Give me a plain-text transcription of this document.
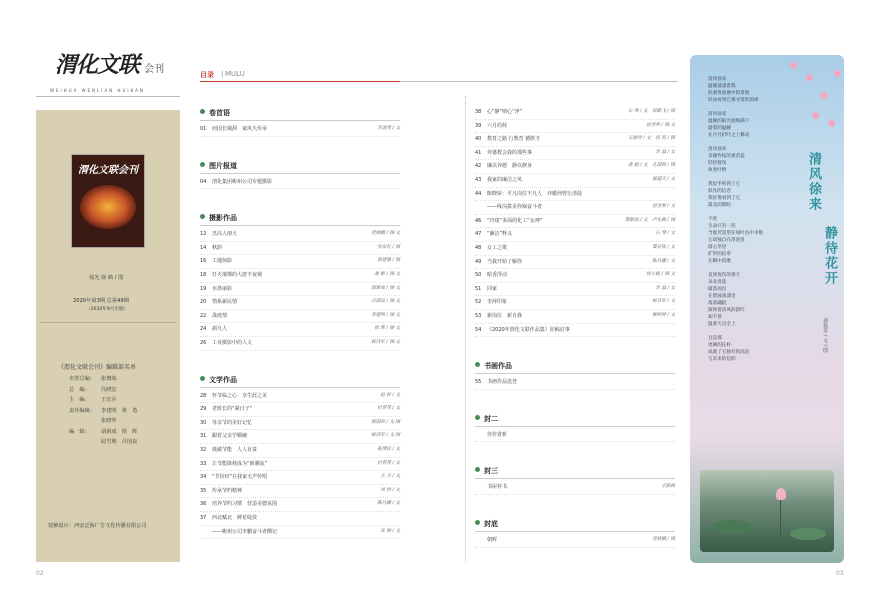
渭化文联 会刊
WEIHUA WENLIAN HUIKAN
渭化文联会刊
弧光 徐 鹤 / 图
2020年第3期 总第49期
（2020年9月出版）
《渭化文联会刊》编辑部名单
名誉总编： 张增战
总　编： 冯晓宏
主　编： 王宏兵
责任编辑： 李建明　黄　勇
张晓华
编　辑： 胡新成　徐　辉
屈雪利　吕国良
装帧设计：西安泛海广告文化传播有限公司
目录 | MULU
卷首语
01 而国长城洞　家风久传承	李清秀 / 文
图片报道
04 渭化集团彬州公司专题摄影
摄影作品
12 烹高人朋大	党晓鹏 / 图·文
14 秋韵	吴东红 / 图
16 工地掠影	郭建强 / 图
18 灯火璀璨的大唐不夜城	胡 彬 / 图·文
19 水墨丽影	郑新成 / 图·文
20 情系新民情	吕国良 / 图·文
22 战疫情	李建明 / 图·文
24 颉凡人	徐 辉 / 图·文
26 工业摄影中的人文	杨诗军 / 图·文
文学作品
28 怀节临之心　享生涯之美	赵 轩 / 文
29 老班长的“紧日子”	付青英 / 文
30 母亲节的美好记忆	郝国莉 / 文·图
31 跟着父亲学顺碗	杨诗军 / 文·图
32 低碳节能　人人有责	张博民 / 文
33 让节能降耗成为“新潮流”	付青英 / 文
34 “节俭经”在我家无声传唱	王 力 / 文
35 传承节约精神	刘 欣 / 文
36 培养节约习惯　营造美德氛围	陈丹娜 / 文
37 西北赋北　鲜花绽放
——彬州公司李鹏奋斗者侧记	宋 帅 / 文
38 心“静”则心“净”	石 琴 / 文　屏鹤飞 / 图
39 六月的荷	屈雪利 / 图·文
40 教育之路 行教育 德胜才	王晓玲 / 文　屈 莉 / 图
41 外婆教会我的那些事	李 晶 / 文
42 廉以养德　静以修身	裴 娟 / 文　孔国賀 / 图
43 我家的廉洁之风	展超天 / 文
44 陈晓荣：平凡岗位不凡人　亦暖何曾让清晨
——线岗拔美你锅奋斗者	屈雪利 / 文
46 “玲珑”多面的化工“女神”	秦新园 / 文　卢先梅 / 图
47 “廉洁”释义	石 琴 / 文
48 女工之歌	秦征锐 / 文
49 当我开始了解你	陈丹娜 / 文
50 暗香浮动	徐小娟 / 图·文
51 回家	李 晶 / 文
52 李萍印象	杨诗军 / 文
53 新岗位　新自我	姚婷婷 / 文
54 《2020年渭化文联作品集》征稿启事
书画作品
55 书画作品选登
封二
佳作赏析
封三
书屋荐书	王凯林
封底
朝晖	党晓鹏 / 图
清风徐来
温暖荡漾着我
似观赏池塘中的景致
轻易看到它那寻常的韵律
清风徐来
温婉的阳光抱细满下
盛着的温婉
在月月折叶之上舞动
清风徐来
采撷作枝的柔苗蕊
轻轻摇曳
执卷吐纳
我似乎听到了它
似作的信念
我好像看到了它
最美的期盼
不曾
生命只有一次
当群芳遥望在绿叶丛中争艳
它却独自在净泥里
溢心华里
旷世的信奉
在瞬中消磨
直到夜伤的那天
朵朵青莲
破茧而出
在碧波荡漾里
落落翩跹
演绎着清风的韵红
却不曾
温柔天点全上
且是那
更姨的任朴
成就了它独有的高洁
与未来的信仰
清风徐来
静待花开
刘艳芳 / 文 / 图
02	03
